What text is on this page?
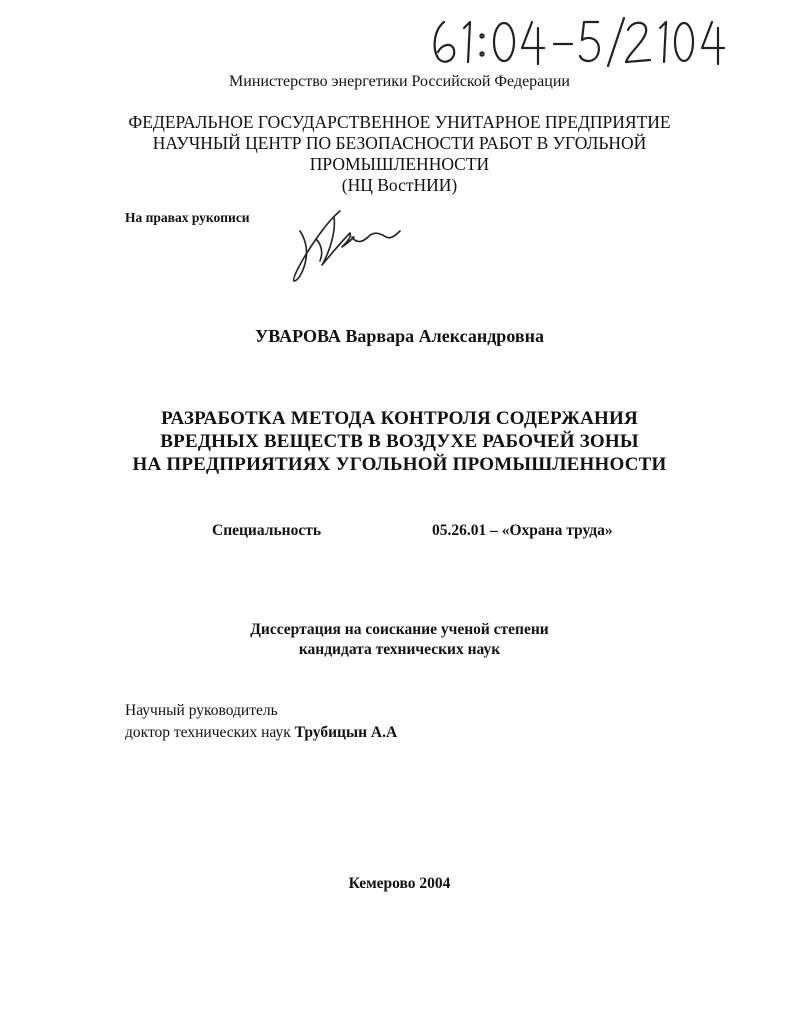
Министерство энергетики Российской Федерации
ФЕДЕРАЛЬНОЕ ГОСУДАРСТВЕННОЕ УНИТАРНОЕ ПРЕДПРИЯТИЕ
НАУЧНЫЙ ЦЕНТР ПО БЕЗОПАСНОСТИ РАБОТ В УГОЛЬНОЙ
ПРОМЫШЛЕННОСТИ
(НЦ ВостНИИ)
На правах рукописи
УВАРОВА Варвара Александровна
РАЗРАБОТКА МЕТОДА КОНТРОЛЯ СОДЕРЖАНИЯ
ВРЕДНЫХ ВЕЩЕСТВ В ВОЗДУХЕ РАБОЧЕЙ ЗОНЫ
НА ПРЕДПРИЯТИЯХ УГОЛЬНОЙ ПРОМЫШЛЕННОСТИ
Специальность	05.26.01 – «Охрана труда»
Диссертация на соискание ученой степени
кандидата технических наук
Научный руководитель
доктор технических наук Трубицын А.А
Кемерово 2004
